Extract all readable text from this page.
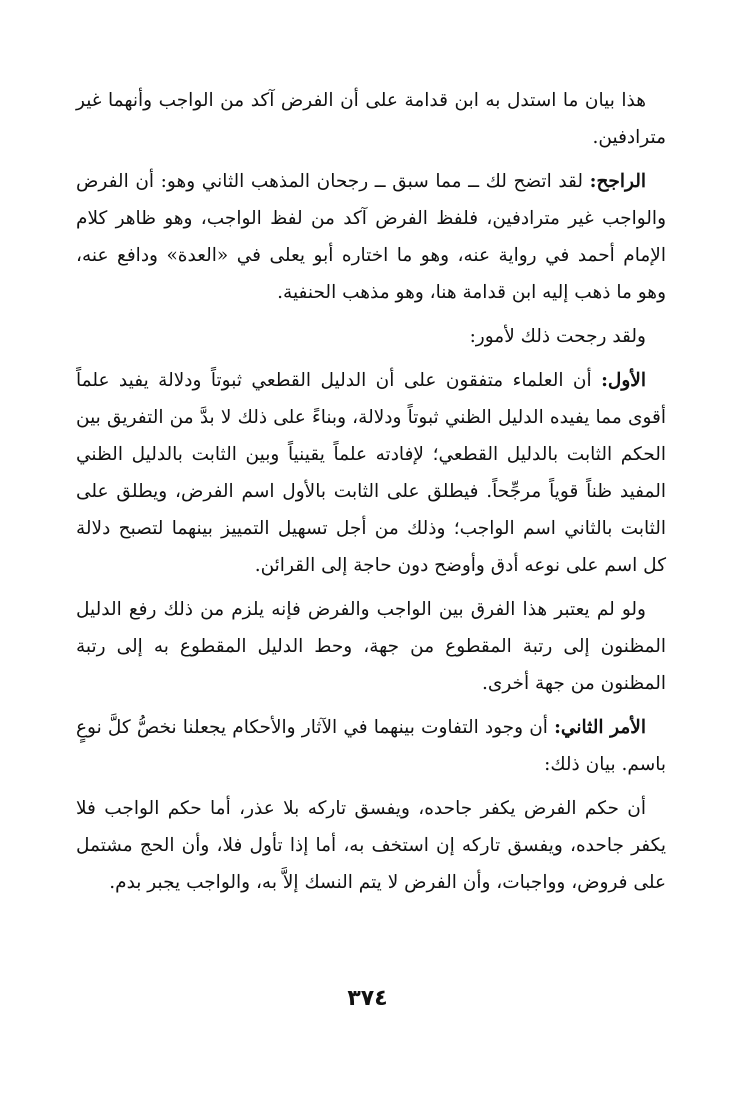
هذا بيان ما استدل به ابن قدامة على أن الفرض آكد من الواجب وأنهما غير مترادفين.

الراجح: لقد اتضح لك ــ مما سبق ــ رجحان المذهب الثاني وهو: أن الفرض والواجب غير مترادفين، فلفظ الفرض آكد من لفظ الواجب، وهو ظاهر كلام الإمام أحمد في رواية عنه، وهو ما اختاره أبو يعلى في «العدة» ودافع عنه، وهو ما ذهب إليه ابن قدامة هنا، وهو مذهب الحنفية.

ولقد رجحت ذلك لأمور:

الأول: أن العلماء متفقون على أن الدليل القطعي ثبوتاً ودلالة يفيد علماً أقوى مما يفيده الدليل الظني ثبوتاً ودلالة، وبناءً على ذلك لا بدَّ من التفريق بين الحكم الثابت بالدليل القطعي؛ لإفادته علماً يقينياً وبين الثابت بالدليل الظني المفيد ظناً قوياً مرجِّحاً. فيطلق على الثابت بالأول اسم الفرض، ويطلق على الثابت بالثاني اسم الواجب؛ وذلك من أجل تسهيل التمييز بينهما لتصبح دلالة كل اسم على نوعه أدق وأوضح دون حاجة إلى القرائن.

ولو لم يعتبر هذا الفرق بين الواجب والفرض فإنه يلزم من ذلك رفع الدليل المظنون إلى رتبة المقطوع من جهة، وحط الدليل المقطوع به إلى رتبة المظنون من جهة أخرى.

الأمر الثاني: أن وجود التفاوت بينهما في الآثار والأحكام يجعلنا نخصُّ كلَّ نوعٍ باسم. بيان ذلك:

أن حكم الفرض يكفر جاحده، ويفسق تاركه بلا عذر، أما حكم الواجب فلا يكفر جاحده، ويفسق تاركه إن استخف به، أما إذا تأول فلا، وأن الحج مشتمل على فروض، وواجبات، وأن الفرض لا يتم النسك إلاَّ به، والواجب يجبر بدم.

٣٧٤
